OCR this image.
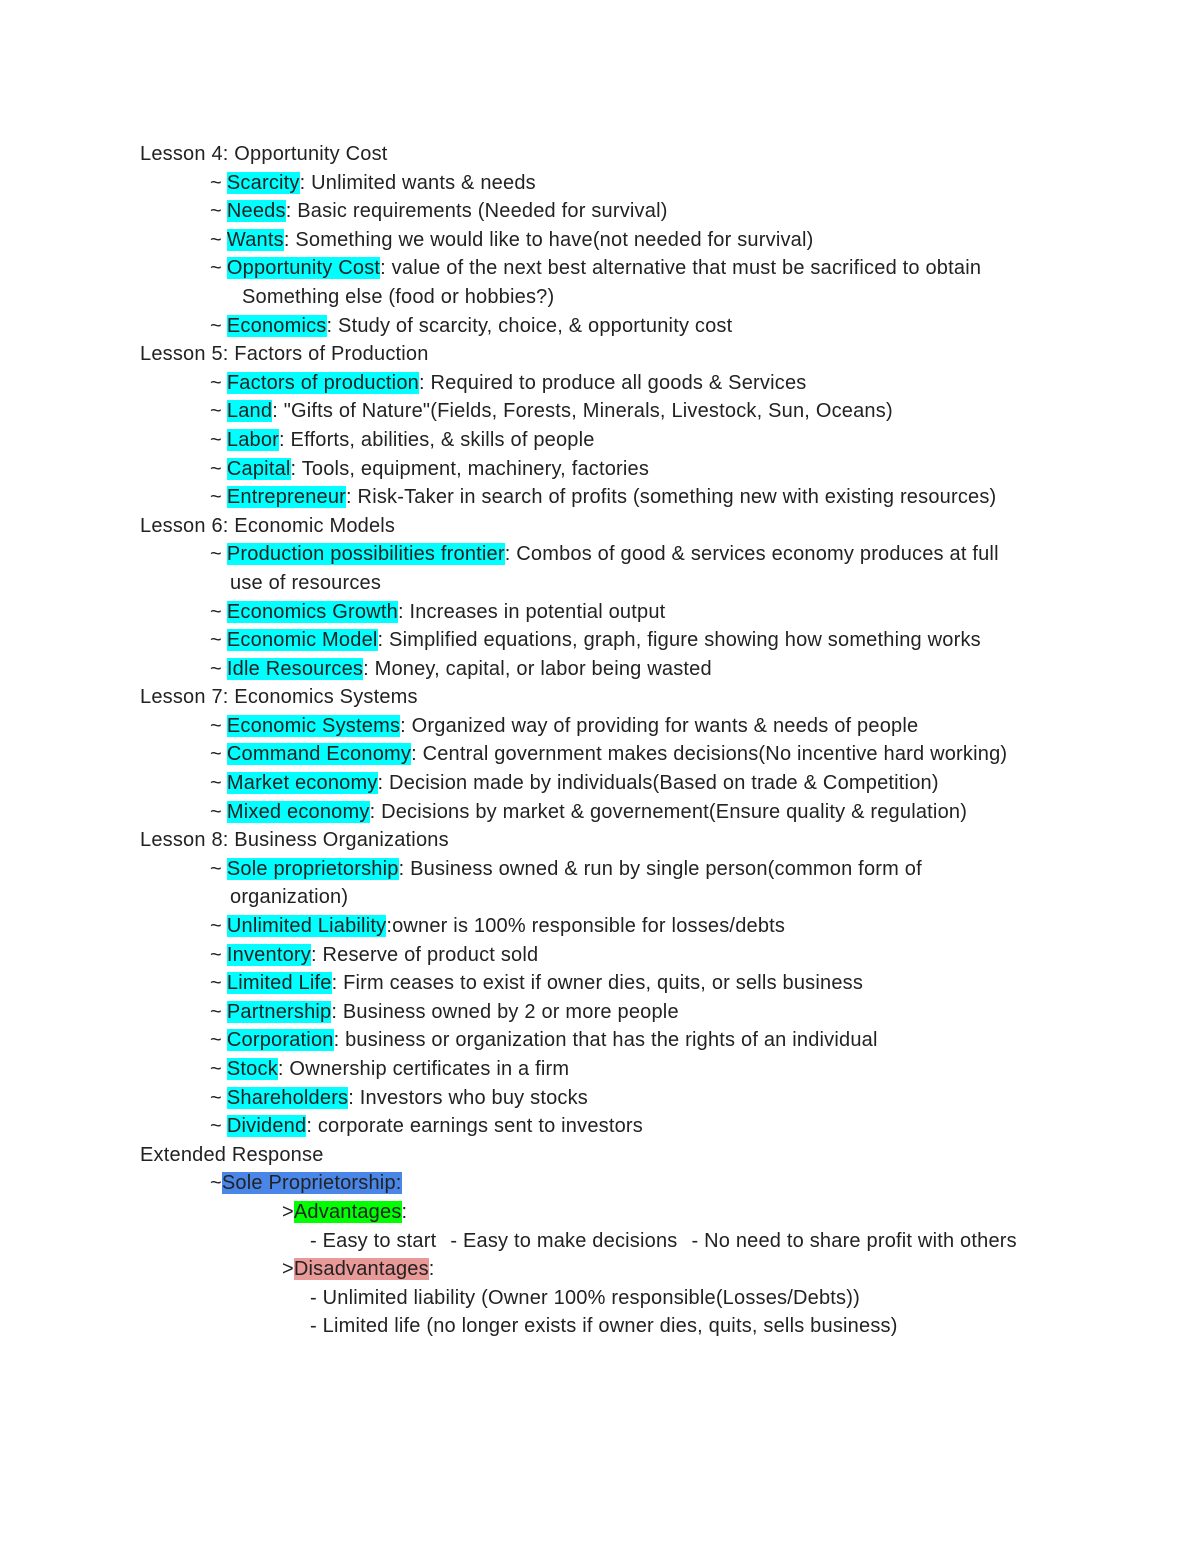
Lesson 4: Opportunity Cost
~ Scarcity: Unlimited wants & needs
~ Needs: Basic requirements (Needed for survival)
~ Wants: Something we would like to have(not needed for survival)
~ Opportunity Cost: value of the next best alternative that must be sacrificed to obtain
Something else (food or hobbies?)
~ Economics: Study of scarcity, choice, & opportunity cost
Lesson 5: Factors of Production
~ Factors of production: Required to produce all goods & Services
~ Land: "Gifts of Nature"(Fields, Forests, Minerals, Livestock, Sun, Oceans)
~ Labor: Efforts, abilities, & skills of people
~ Capital: Tools, equipment, machinery, factories
~ Entrepreneur: Risk-Taker in search of profits (something new with existing resources)
Lesson 6: Economic Models
~ Production possibilities frontier: Combos of good & services economy produces at full
use of resources
~ Economics Growth: Increases in potential output
~ Economic Model: Simplified equations, graph, figure showing how something works
~ Idle Resources: Money, capital, or labor being wasted
Lesson 7: Economics Systems
~ Economic Systems: Organized way of providing for wants & needs of people
~ Command Economy: Central government makes decisions(No incentive hard working)
~ Market economy: Decision made by individuals(Based on trade & Competition)
~ Mixed economy: Decisions by market & governement(Ensure quality & regulation)
Lesson 8: Business Organizations
~ Sole proprietorship: Business owned & run by single person(common form of
organization)
~ Unlimited Liability:owner is 100% responsible for losses/debts
~ Inventory: Reserve of product sold
~ Limited Life: Firm ceases to exist if owner dies, quits, or sells business
~ Partnership: Business owned by 2 or more people
~ Corporation: business or organization that has the rights of an individual
~ Stock: Ownership certificates in a firm
~ Shareholders: Investors who buy stocks
~ Dividend: corporate earnings sent to investors
Extended Response
~Sole Proprietorship:
>Advantages:
- Easy to start - Easy to make decisions - No need to share profit with others
>Disadvantages:
- Unlimited liability (Owner 100% responsible(Losses/Debts))
- Limited life (no longer exists if owner dies, quits, sells business)
